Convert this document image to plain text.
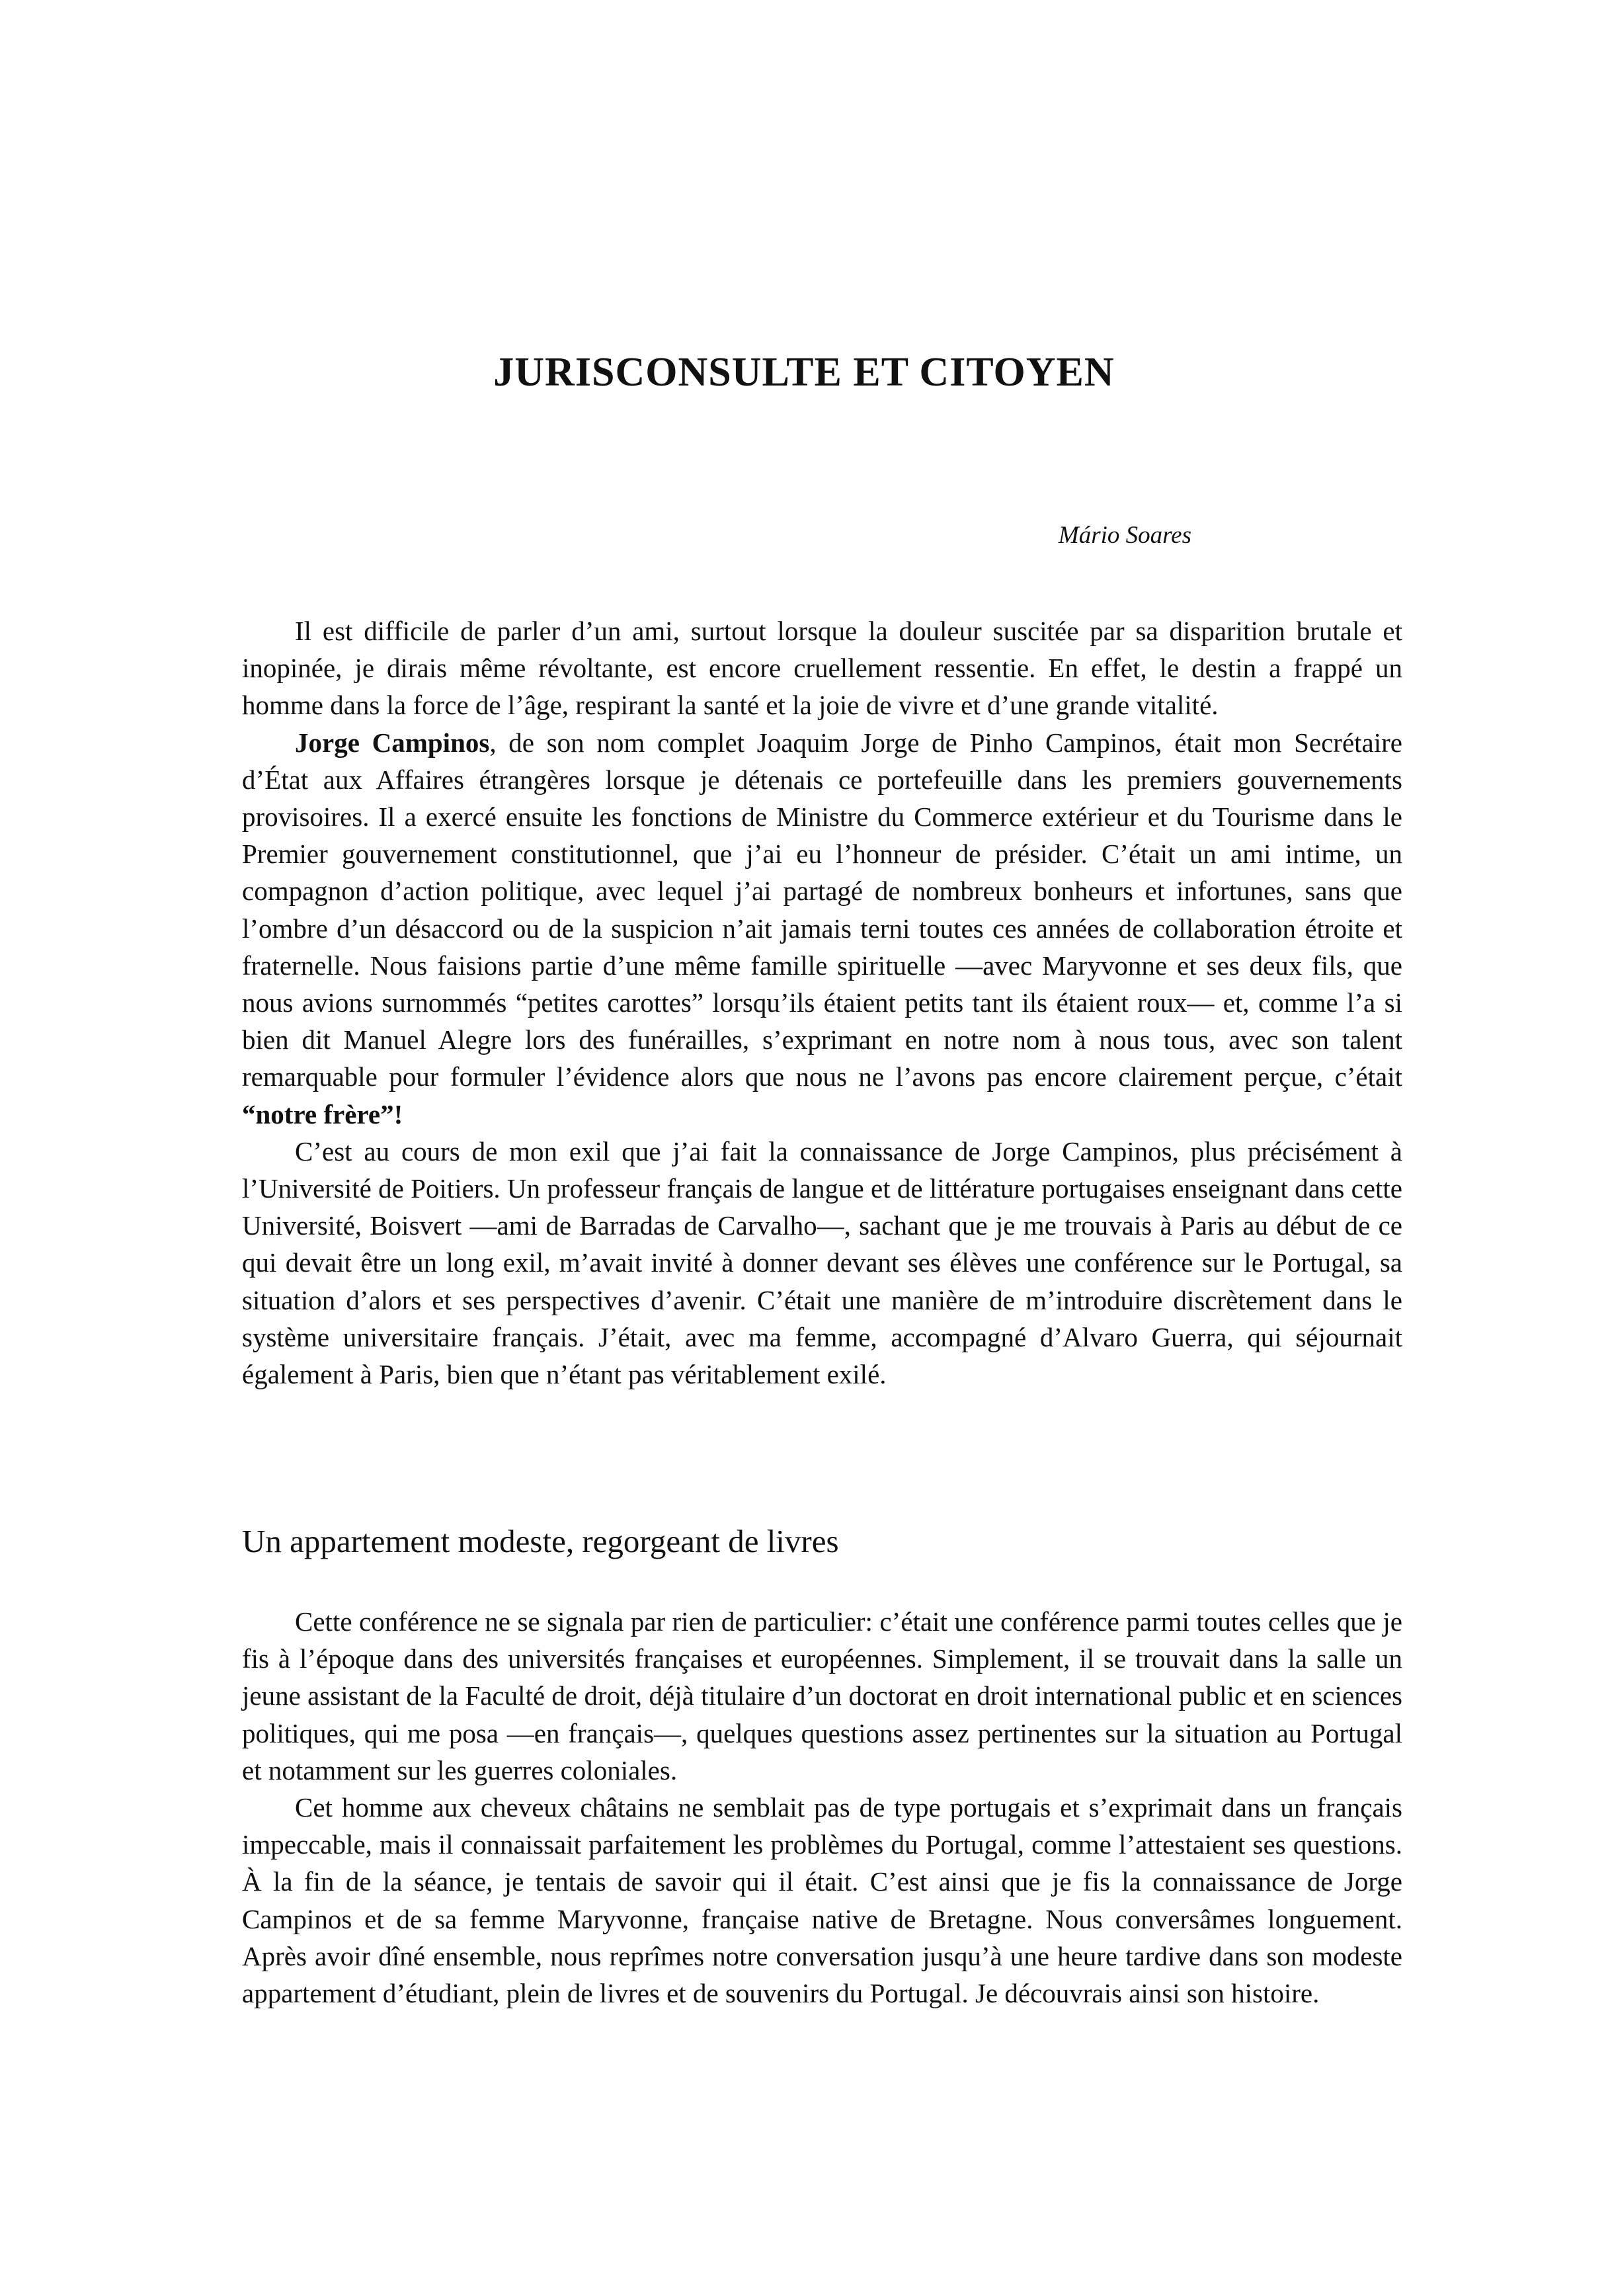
JURISCONSULTE ET CITOYEN

Mário Soares

Il est difficile de parler d’un ami, surtout lorsque la douleur suscitée par sa disparition brutale et inopinée, je dirais même révoltante, est encore cruellement ressentie. En effet, le destin a frappé un homme dans la force de l’âge, respirant la santé et la joie de vivre et d’une grande vitalité.

Jorge Campinos, de son nom complet Joaquim Jorge de Pinho Campinos, était mon Secrétaire d’État aux Affaires étrangères lorsque je détenais ce portefeuille dans les premiers gouvernements provisoires. Il a exercé ensuite les fonctions de Ministre du Commerce extérieur et du Tourisme dans le Premier gouvernement constitutionnel, que j’ai eu l’honneur de présider. C’était un ami intime, un compagnon d’action politique, avec lequel j’ai partagé de nombreux bonheurs et infortunes, sans que l’ombre d’un désaccord ou de la suspicion n’ait jamais terni toutes ces années de collaboration étroite et fraternelle. Nous faisions partie d’une même famille spirituelle —avec Maryvonne et ses deux fils, que nous avions surnommés “petites carottes” lorsqu’ils étaient petits tant ils étaient roux— et, comme l’a si bien dit Manuel Alegre lors des funérailles, s’exprimant en notre nom à nous tous, avec son talent remarquable pour formuler l’évidence alors que nous ne l’avons pas encore clairement perçue, c’était “notre frère”!

C’est au cours de mon exil que j’ai fait la connaissance de Jorge Campinos, plus précisément à l’Université de Poitiers. Un professeur français de langue et de littérature portugaises enseignant dans cette Université, Boisvert —ami de Barradas de Carvalho—, sachant que je me trouvais à Paris au début de ce qui devait être un long exil, m’avait invité à donner devant ses élèves une conférence sur le Portugal, sa situation d’alors et ses perspectives d’avenir. C’était une manière de m’introduire discrètement dans le système universitaire français. J’était, avec ma femme, accompagné d’Alvaro Guerra, qui séjournait également à Paris, bien que n’étant pas véritablement exilé.

Un appartement modeste, regorgeant de livres

Cette conférence ne se signala par rien de particulier: c’était une conférence parmi toutes celles que je fis à l’époque dans des universités françaises et européennes. Simplement, il se trouvait dans la salle un jeune assistant de la Faculté de droit, déjà titulaire d’un doctorat en droit international public et en sciences politiques, qui me posa —en français—, quelques questions assez pertinentes sur la situation au Portugal et notamment sur les guerres coloniales.

Cet homme aux cheveux châtains ne semblait pas de type portugais et s’exprimait dans un français impeccable, mais il connaissait parfaitement les problèmes du Portugal, comme l’attestaient ses questions. À la fin de la séance, je tentais de savoir qui il était. C’est ainsi que je fis la connaissance de Jorge Campinos et de sa femme Maryvonne, française native de Bretagne. Nous conversâmes longuement. Après avoir dîné ensemble, nous reprîmes notre conversation jusqu’à une heure tardive dans son modeste appartement d’étudiant, plein de livres et de souvenirs du Portugal. Je découvrais ainsi son histoire.
